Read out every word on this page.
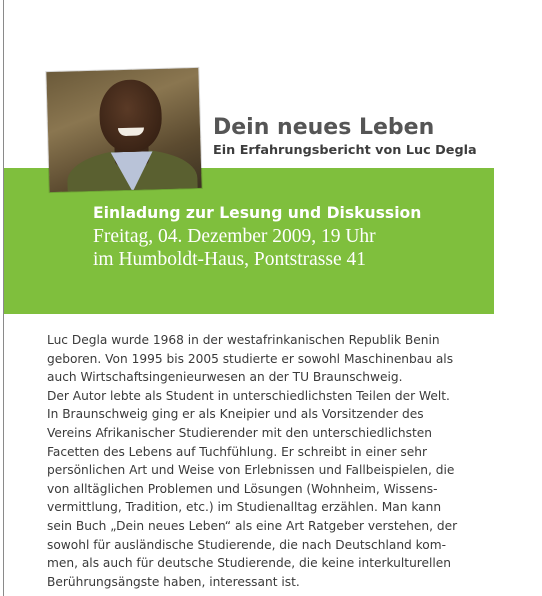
Dein neues Leben
Ein Erfahrungsbericht von Luc Degla
Einladung zur Lesung und Diskussion
Freitag, 04. Dezember 2009, 19 Uhr
im Humboldt-Haus, Pontstrasse 41
Luc Degla wurde 1968 in der westafrinkanischen Republik Benin
geboren. Von 1995 bis 2005 studierte er sowohl Maschinenbau als
auch Wirtschaftsingenieurwesen an der TU Braunschweig.
Der Autor lebte als Student in unterschiedlichsten Teilen der Welt.
In Braunschweig ging er als Kneipier und als Vorsitzender des
Vereins Afrikanischer Studierender mit den unterschiedlichsten
Facetten des Lebens auf Tuchfühlung. Er schreibt in einer sehr
persönlichen Art und Weise von Erlebnissen und Fallbeispielen, die
von alltäglichen Problemen und Lösungen (Wohnheim, Wissens-
vermittlung, Tradition, etc.) im Studienalltag erzählen. Man kann
sein Buch „Dein neues Leben“ als eine Art Ratgeber verstehen, der
sowohl für ausländische Studierende, die nach Deutschland kom-
men, als auch für deutsche Studierende, die keine interkulturellen
Berührungsängste haben, interessant ist.
